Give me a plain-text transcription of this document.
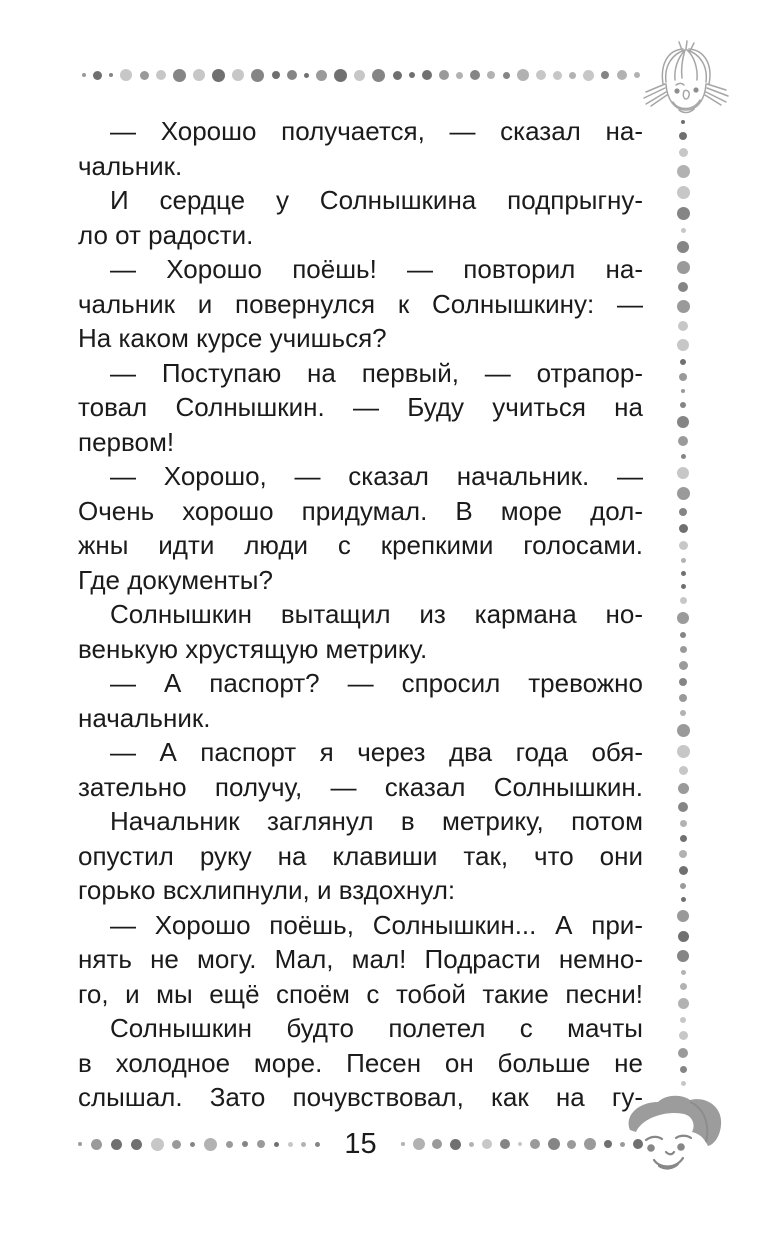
— Хорошо получается, — сказал на-
чальник.
И сердце у Солнышкина подпрыгну-
ло от радости.
— Хорошо поёшь! — повторил на-
чальник и повернулся к Солнышкину: —
На каком курсе учишься?
— Поступаю на первый, — отрапор-
товал Солнышкин. — Буду учиться на
первом!
— Хорошо, — сказал начальник. —
Очень хорошо придумал. В море дол-
жны идти люди с крепкими голосами.
Где документы?
Солнышкин вытащил из кармана но-
венькую хрустящую метрику.
— А паспорт? — спросил тревожно
начальник.
— А паспорт я через два года обя-
зательно получу, — сказал Солнышкин.
Начальник заглянул в метрику, потом
опустил руку на клавиши так, что они
горько всхлипнули, и вздохнул:
— Хорошо поёшь, Солнышкин... А при-
нять не могу. Мал, мал! Подрасти немно-
го, и мы ещё споём с тобой такие песни!
Солнышкин будто полетел с мачты
в холодное море. Песен он больше не
слышал. Зато почувствовал, как на гу-
15
